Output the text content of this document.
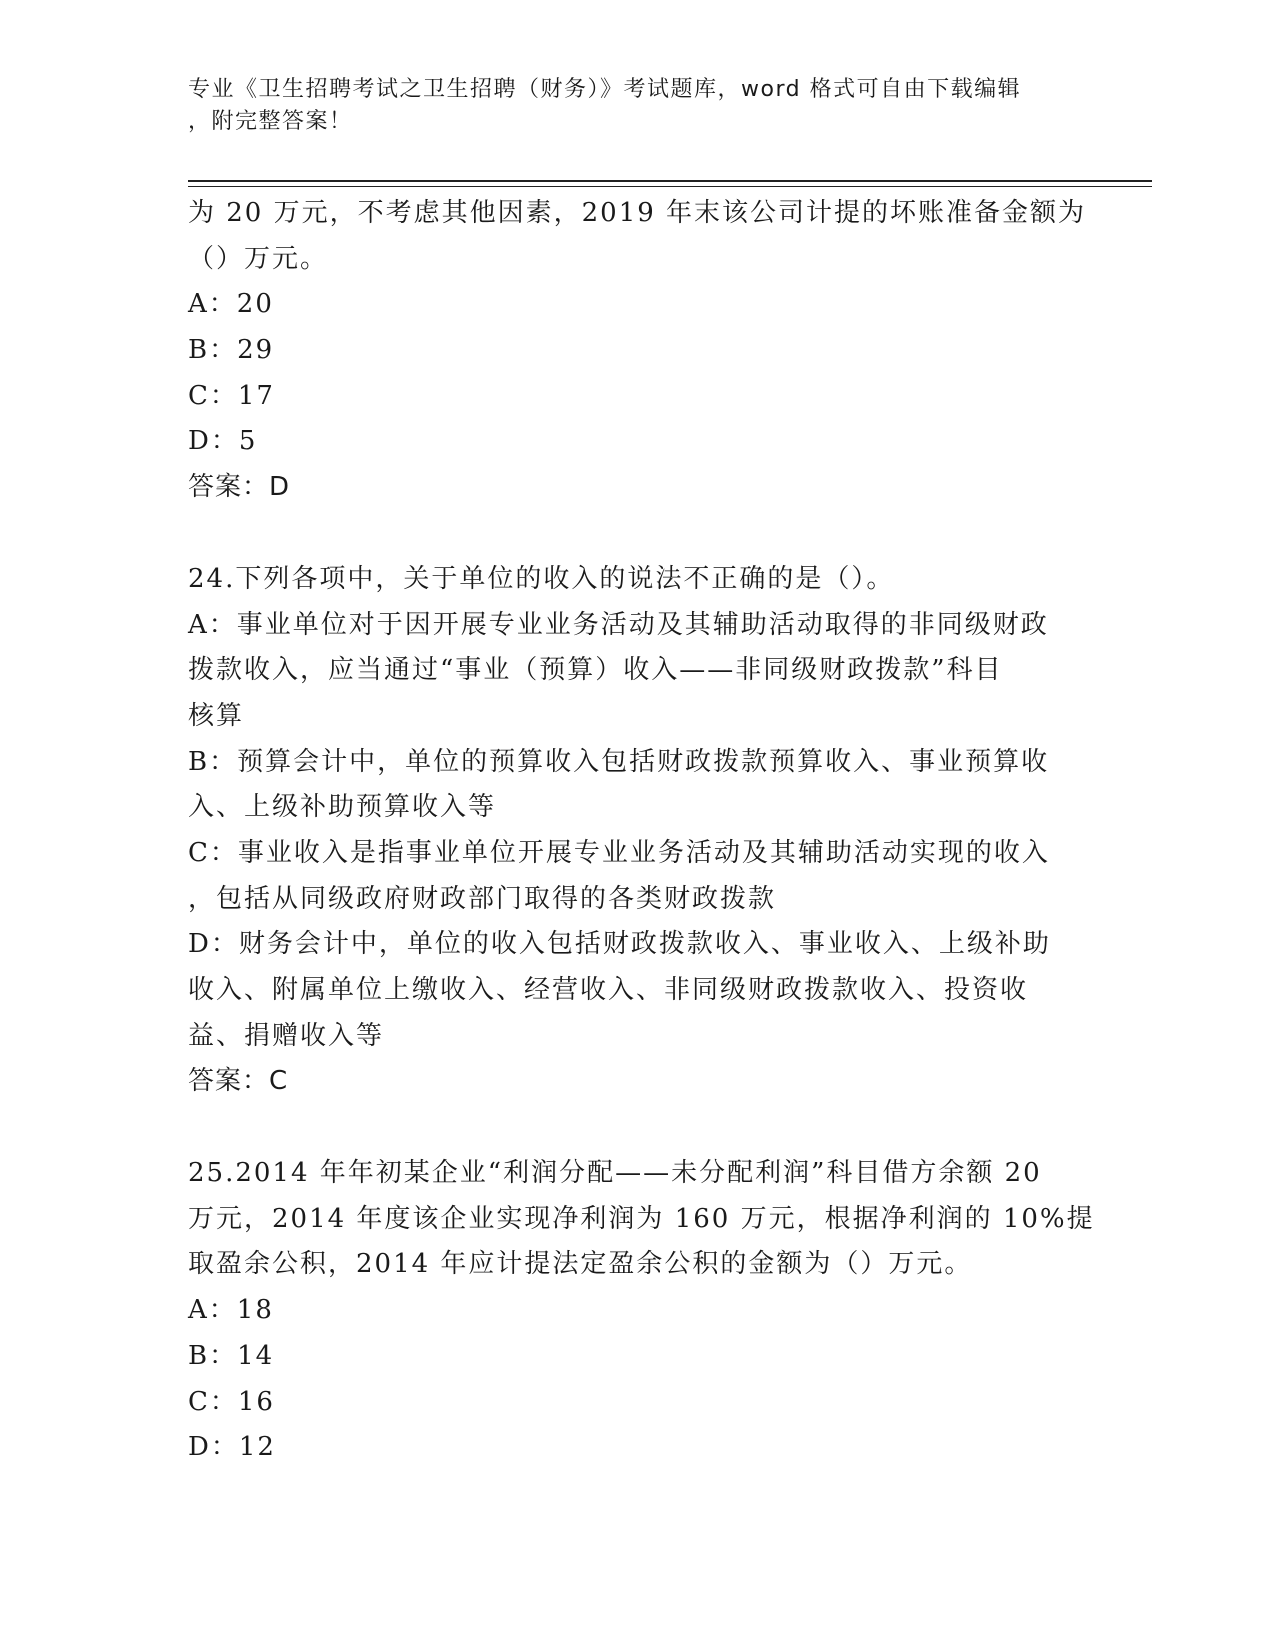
专业《卫生招聘考试之卫生招聘（财务）》考试题库，word 格式可自由下载编辑
，附完整答案！
为 20 万元，不考虑其他因素，2019 年末该公司计提的坏账准备金额为
（）万元。
A：20
B：29
C：17
D：5
答案：D
24.下列各项中，关于单位的收入的说法不正确的是（）。
A：事业单位对于因开展专业业务活动及其辅助活动取得的非同级财政
拨款收入，应当通过“事业（预算）收入——非同级财政拨款”科目
核算
B：预算会计中，单位的预算收入包括财政拨款预算收入、事业预算收
入、上级补助预算收入等
C：事业收入是指事业单位开展专业业务活动及其辅助活动实现的收入
，包括从同级政府财政部门取得的各类财政拨款
D：财务会计中，单位的收入包括财政拨款收入、事业收入、上级补助
收入、附属单位上缴收入、经营收入、非同级财政拨款收入、投资收
益、捐赠收入等
答案：C
25.2014 年年初某企业“利润分配——未分配利润”科目借方余额 20
万元，2014 年度该企业实现净利润为 160 万元，根据净利润的 10%提
取盈余公积，2014 年应计提法定盈余公积的金额为（）万元。
A：18
B：14
C：16
D：12
